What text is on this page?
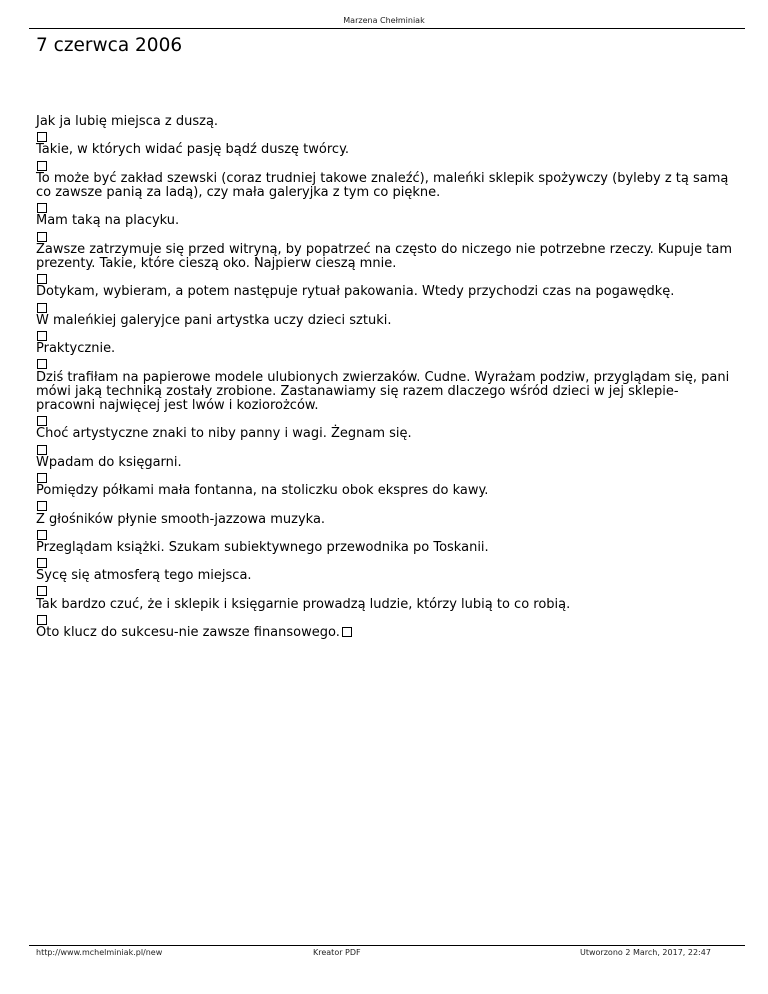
Marzena Chełminiak
7 czerwca 2006

Jak ja lubię miejsca z duszą.

Takie, w których widać pasję bądź duszę twórcy.

To może być zakład szewski (coraz trudniej takowe znaleźć), maleńki sklepik spożywczy (byleby z tą samą co zawsze panią za ladą), czy mała galeryjka z tym co piękne.

Mam taką na placyku.

Zawsze zatrzymuje się przed witryną, by popatrzeć na często do niczego nie potrzebne rzeczy. Kupuje tam prezenty. Takie, które cieszą oko. Najpierw cieszą mnie.

Dotykam, wybieram, a potem następuje rytuał pakowania. Wtedy przychodzi czas na pogawędkę.

W maleńkiej galeryjce pani artystka uczy dzieci sztuki.

Praktycznie.

Dziś trafiłam na papierowe modele ulubionych zwierzaków. Cudne. Wyrażam podziw, przyglądam się, pani mówi jaką techniką zostały zrobione. Zastanawiamy się razem dlaczego wśród dzieci w jej sklepie-pracowni najwięcej jest lwów i koziorożców.

Choć artystyczne znaki to niby panny i wagi. Żegnam się.

Wpadam do księgarni.

Pomiędzy półkami mała fontanna, na stoliczku obok ekspres do kawy.

Z głośników płynie smooth-jazzowa muzyka.

Przeglądam książki. Szukam subiektywnego przewodnika po Toskanii.

Sycę się atmosferą tego miejsca.

Tak bardzo czuć, że i sklepik i księgarnie prowadzą ludzie, którzy lubią to co robią.

Oto klucz do sukcesu-nie zawsze finansowego.

http://www.mchelminiak.pl/new	Kreator PDF	Utworzono 2 March, 2017, 22:47
